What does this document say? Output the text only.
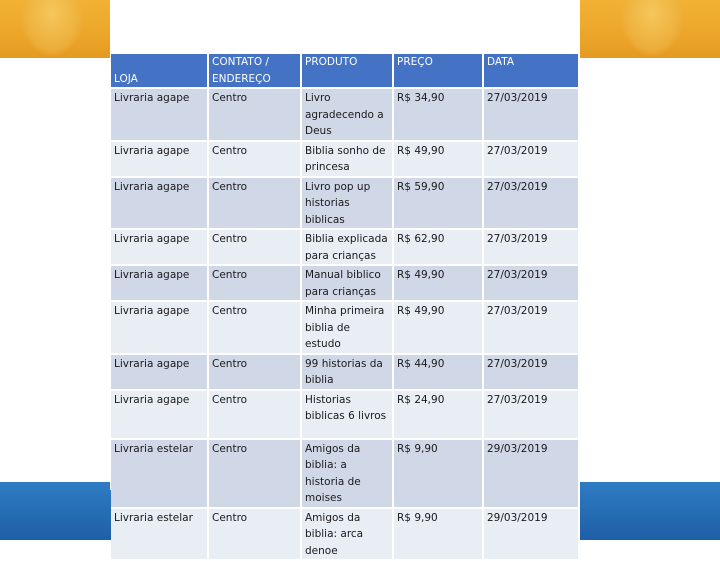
LOJA	CONTATO / ENDEREÇO	PRODUTO	PREÇO	DATA
Livraria agape	Centro	Livro agradecendo a Deus	R$ 34,90	27/03/2019
Livraria agape	Centro	Biblia sonho de princesa	R$ 49,90	27/03/2019
Livraria agape	Centro	Livro pop up historias biblicas	R$ 59,90	27/03/2019
Livraria agape	Centro	Biblia explicada para crianças	R$ 62,90	27/03/2019
Livraria agape	Centro	Manual biblico para crianças	R$ 49,90	27/03/2019
Livraria agape	Centro	Minha primeira biblia de estudo	R$ 49,90	27/03/2019
Livraria agape	Centro	99 historias da biblia	R$ 44,90	27/03/2019
Livraria agape	Centro	Historias biblicas 6 livros	R$ 24,90	27/03/2019
Livraria estelar	Centro	Amigos da biblia: a historia de moises	R$ 9,90	29/03/2019
Livraria estelar	Centro	Amigos da biblia: arca denoe	R$ 9,90	29/03/2019
